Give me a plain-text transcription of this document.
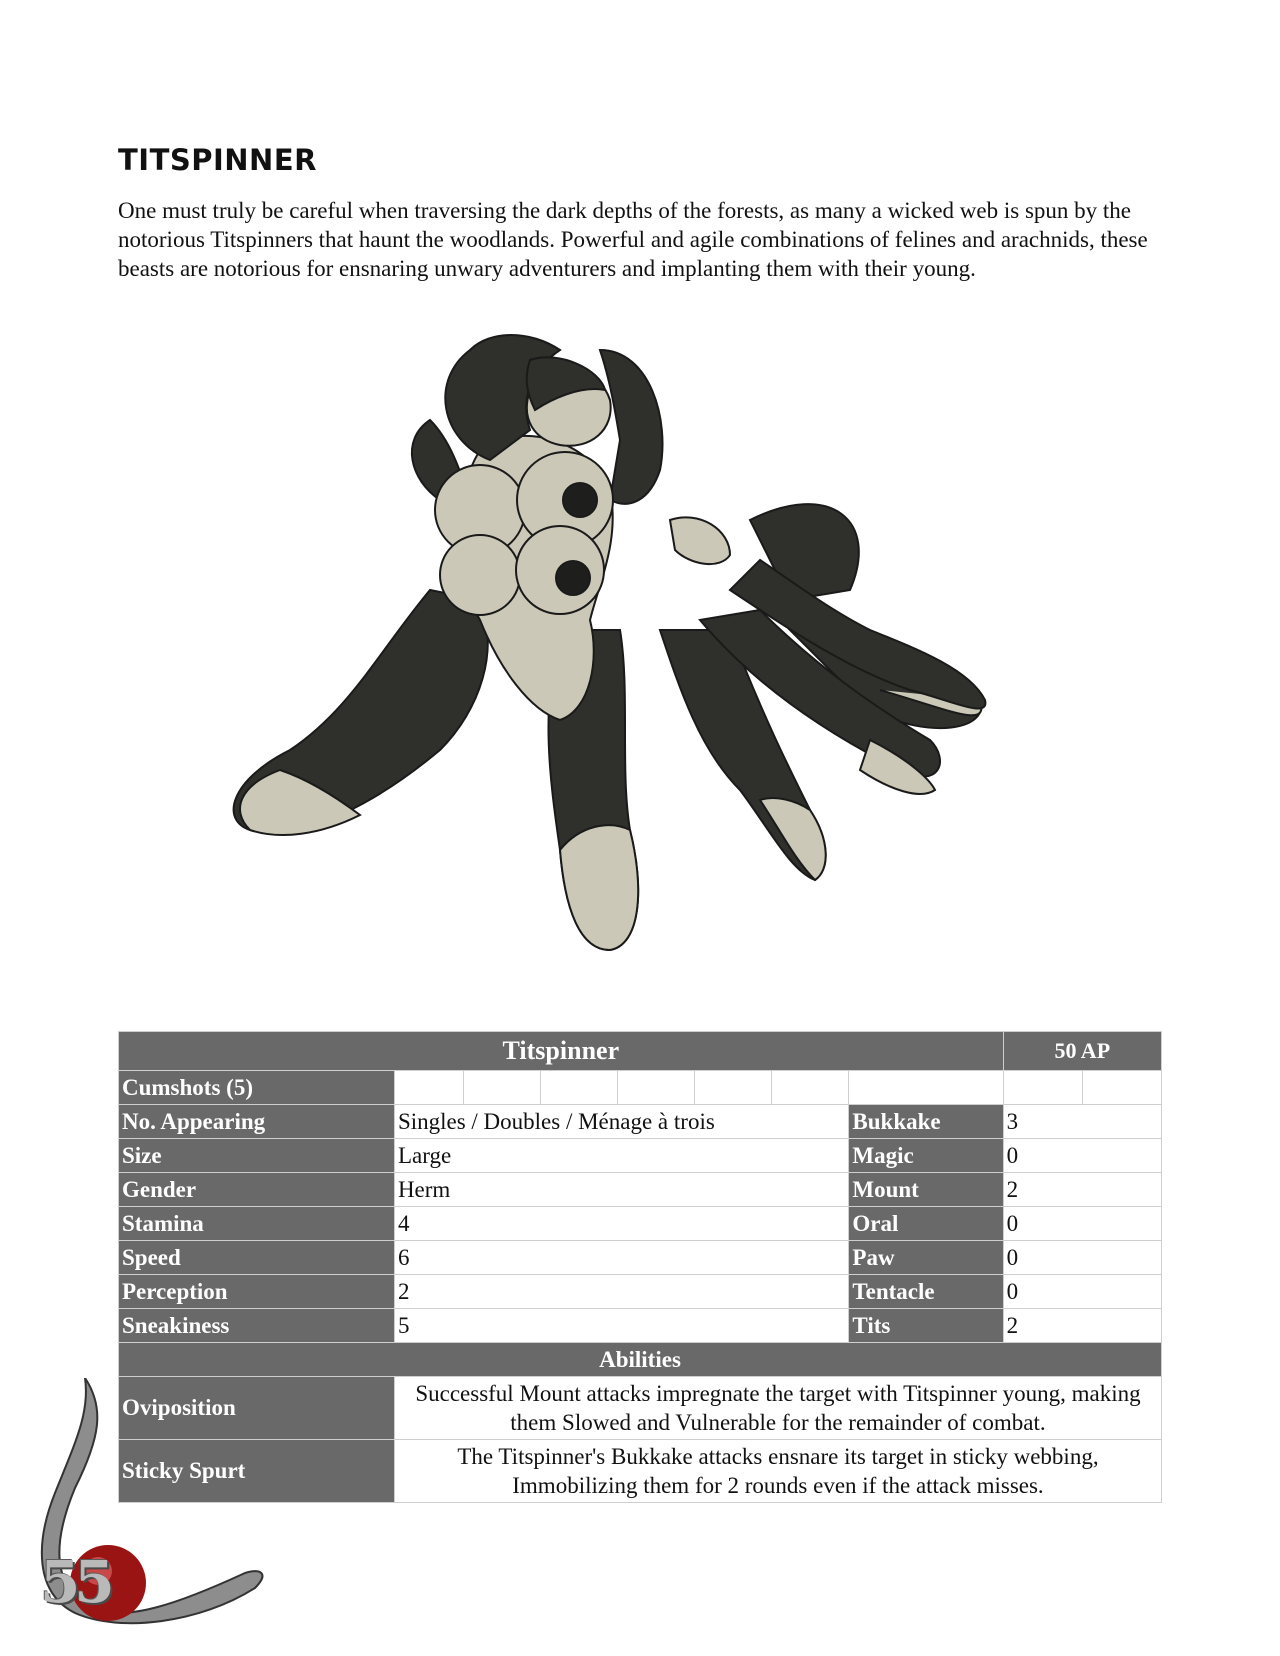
TITSPINNER

One must truly be careful when traversing the dark depths of the forests, as many a wicked web is spun by the notorious Titspinners that haunt the woodlands. Powerful and agile combinations of felines and arachnids, these beasts are notorious for ensnaring unwary adventurers and implanting them with their young.

Titspinner								50 AP	
Cumshots (5)									
No. Appearing	Singles / Doubles / Ménage à trois						Bukkake	3	
Size	Large						Magic	0	
Gender	Herm						Mount	2	
Stamina	4						Oral	0	
Speed	6						Paw	0	
Perception	2						Tentacle	0	
Sneakiness	5						Tits	2	
Abilities									
Oviposition	Successful Mount attacks impregnate the target with Titspinner young, making them Slowed and Vulnerable for the remainder of combat.								
Sticky Spurt	The Titspinner's Bukkake attacks ensnare its target in sticky webbing, Immobilizing them for 2 rounds even if the attack misses.								
55
